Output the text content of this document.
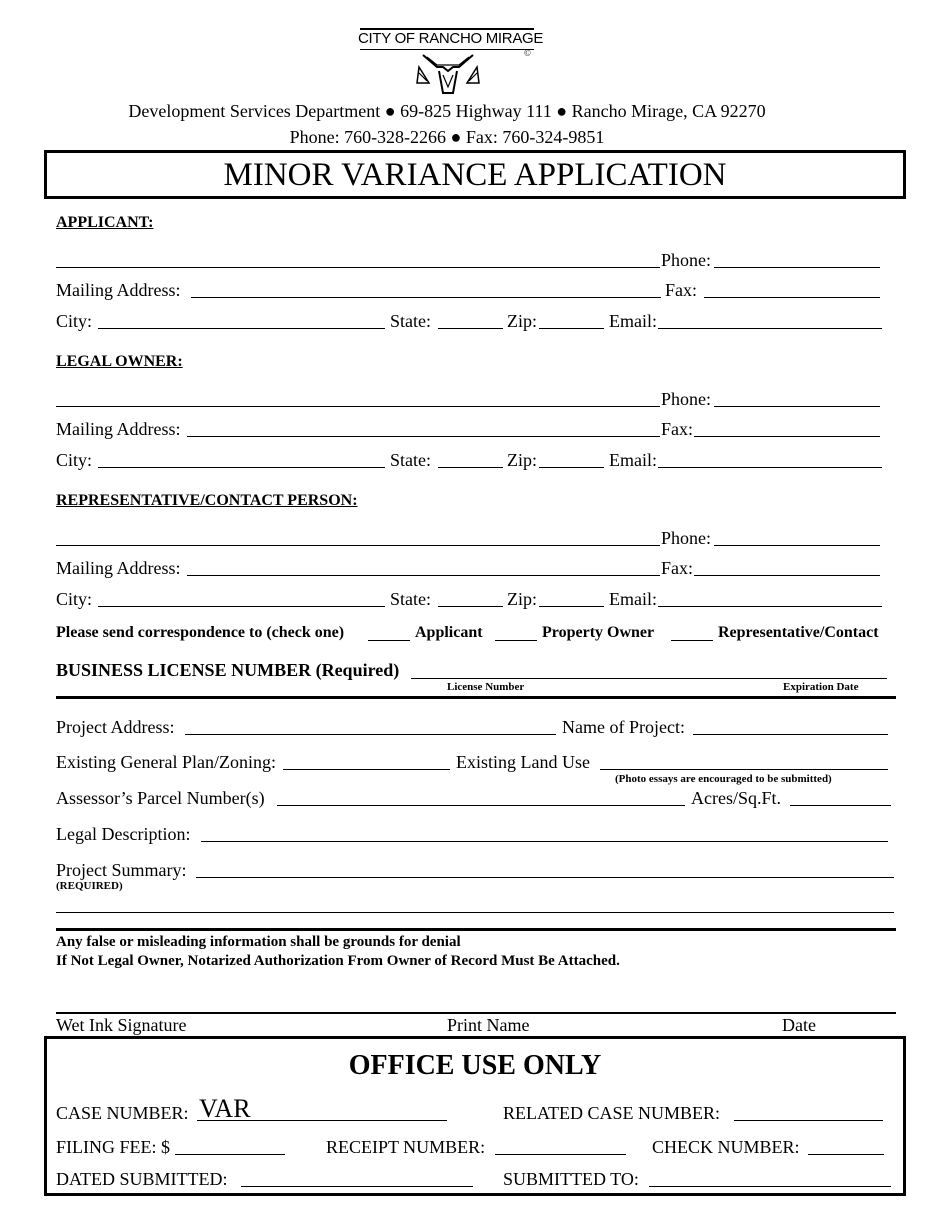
CITY OF RANCHO MIRAGE
©
Development Services Department ● 69-825 Highway 111 ● Rancho Mirage, CA 92270
Phone: 760-328-2266 ● Fax: 760-324-9851
MINOR VARIANCE APPLICATION
APPLICANT:
Phone:
Mailing Address:	Fax:
City:	State:	Zip:	Email:
LEGAL OWNER:
Phone:
Mailing Address:	Fax:
City:	State:	Zip:	Email:
REPRESENTATIVE/CONTACT PERSON:
Phone:
Mailing Address:	Fax:
City:	State:	Zip:	Email:
Please send correspondence to (check one)	Applicant	Property Owner	Representative/Contact
BUSINESS LICENSE NUMBER (Required)
License Number	Expiration Date
Project Address:	Name of Project:
Existing General Plan/Zoning:	Existing Land Use
(Photo essays are encouraged to be submitted)
Assessor’s Parcel Number(s)	Acres/Sq.Ft.
Legal Description:
Project Summary:
(REQUIRED)
Any false or misleading information shall be grounds for denial
If Not Legal Owner, Notarized Authorization From Owner of Record Must Be Attached.
Wet Ink Signature	Print Name	Date
OFFICE USE ONLY
CASE NUMBER: VAR	RELATED CASE NUMBER:
FILING FEE: $	RECEIPT NUMBER:	CHECK NUMBER:
DATED SUBMITTED:	SUBMITTED TO:
